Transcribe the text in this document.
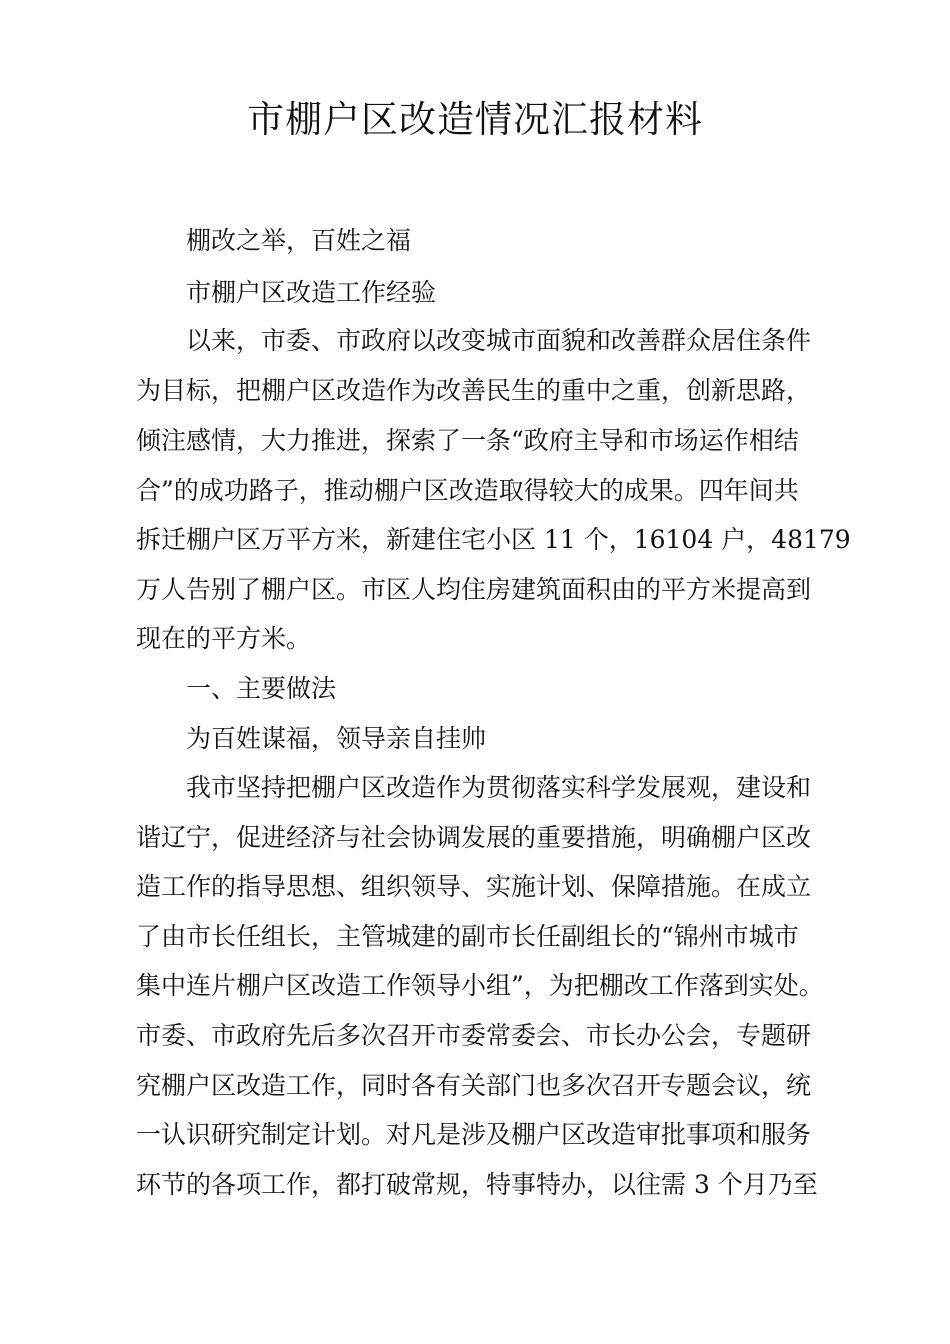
市棚户区改造情况汇报材料

棚改之举，百姓之福

市棚户区改造工作经验

以来，市委、市政府以改变城市面貌和改善群众居住条件

为目标，把棚户区改造作为改善民生的重中之重，创新思路，

倾注感情，大力推进，探索了一条“政府主导和市场运作相结

合”的成功路子，推动棚户区改造取得较大的成果。四年间共

拆迁棚户区万平方米，新建住宅小区 11 个，16104 户，48179

万人告别了棚户区。市区人均住房建筑面积由的平方米提高到

现在的平方米。

一、主要做法

为百姓谋福，领导亲自挂帅

我市坚持把棚户区改造作为贯彻落实科学发展观，建设和

谐辽宁，促进经济与社会协调发展的重要措施，明确棚户区改

造工作的指导思想、组织领导、实施计划、保障措施。在成立

了由市长任组长，主管城建的副市长任副组长的“锦州市城市

集中连片棚户区改造工作领导小组”，为把棚改工作落到实处。

市委、市政府先后多次召开市委常委会、市长办公会，专题研

究棚户区改造工作，同时各有关部门也多次召开专题会议，统

一认识研究制定计划。对凡是涉及棚户区改造审批事项和服务

环节的各项工作，都打破常规，特事特办，以往需 3 个月乃至
